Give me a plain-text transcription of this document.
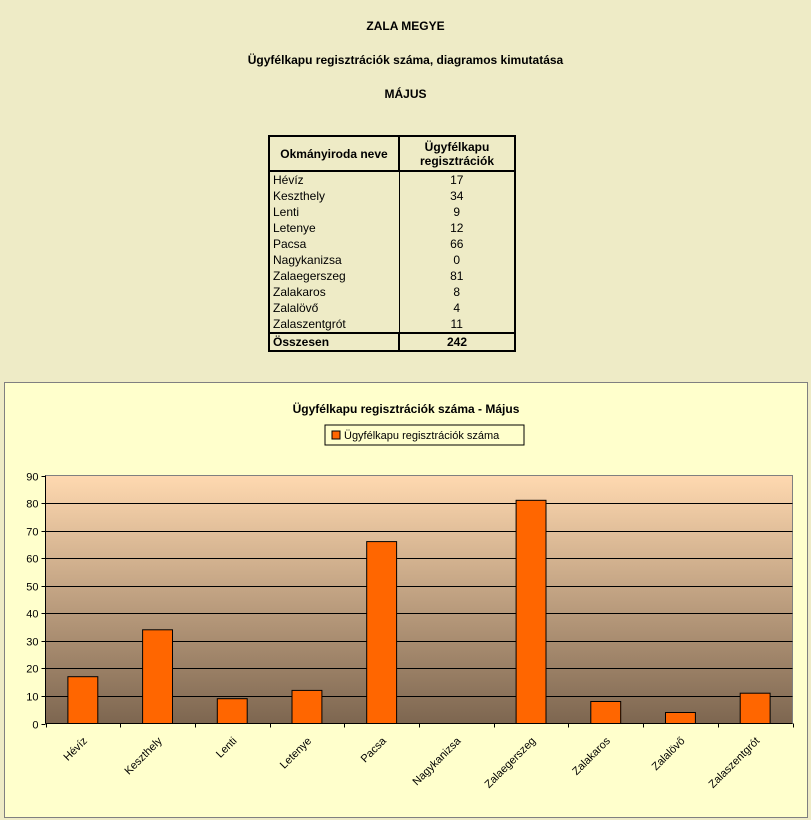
ZALA MEGYE
Ügyfélkapu regisztrációk száma, diagramos kimutatása
MÁJUS
Okmányiroda neve	Ügyfélkapu regisztrációk
Hévíz	17
Keszthely	34
Lenti	9
Letenye	12
Pacsa	66
Nagykanizsa	0
Zalaegerszeg	81
Zalakaros	8
Zalalövő	4
Zalaszentgrót	11
Összesen	242
Ügyfélkapu regisztrációk száma - Május
Ügyfélkapu regisztrációk száma
0
10
20
30
40
50
60
70
80
90
Hévíz	Keszthely	Lenti	Letenye	Pacsa Nagykanizsa Zalaegerszeg	Zalakaros	Zalalövő Zalaszentgrót
